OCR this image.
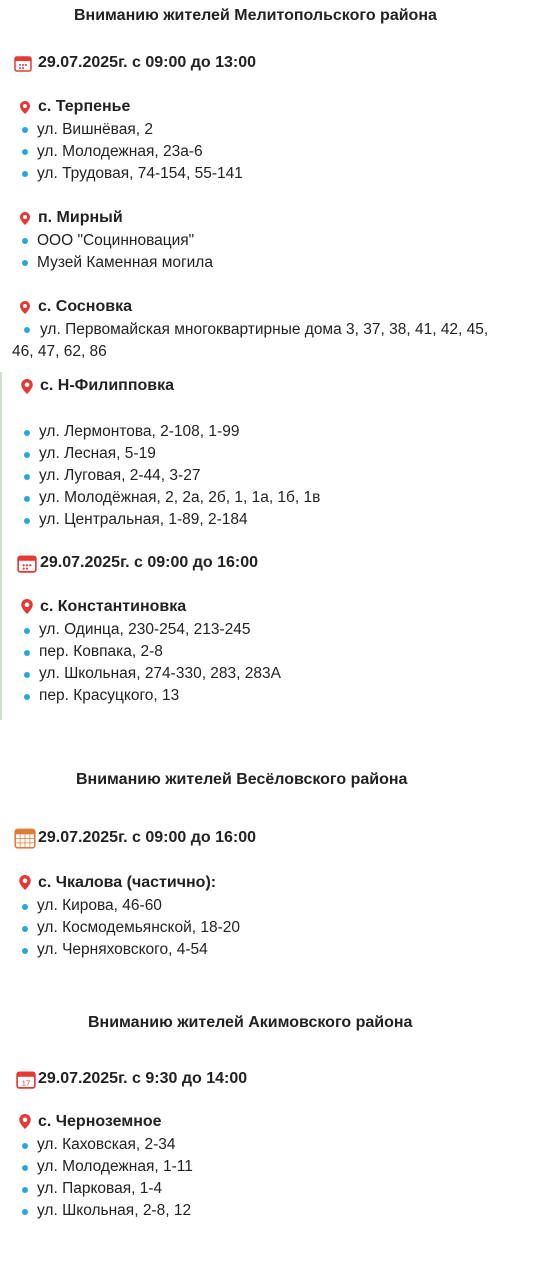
Вниманию жителей Мелитопольского района
29.07.2025г. с 09:00 до 13:00
с. Терпенье
ул. Вишнёвая, 2
ул. Молодежная, 23а-6
ул. Трудовая, 74-154, 55-141
п. Мирный
ООО "Социнновация"
Музей Каменная могила
с. Сосновка
ул. Первомайская многоквартирные дома 3, 37, 38, 41, 42, 45,
46, 47, 62, 86
с. Н-Филипповка
ул. Лермонтова, 2-108, 1-99
ул. Лесная, 5-19
ул. Луговая, 2-44, 3-27
ул. Молодёжная, 2, 2а, 2б, 1, 1а, 1б, 1в
ул. Центральная, 1-89, 2-184
29.07.2025г. с 09:00 до 16:00
с. Константиновка
ул. Одинца, 230-254, 213-245
пер. Ковпака, 2-8
ул. Школьная, 274-330, 283, 283А
пер. Красуцкого, 13
Вниманию жителей Весёловского района
29.07.2025г. с 09:00 до 16:00
с. Чкалова (частично):
ул. Кирова, 46-60
ул. Космодемьянской, 18-20
ул. Черняховского, 4-54
Вниманию жителей Акимовского района
17 29.07.2025г. с 9:30 до 14:00
с. Черноземное
ул. Каховская, 2-34
ул. Молодежная, 1-11
ул. Парковая, 1-4
ул. Школьная, 2-8, 12
